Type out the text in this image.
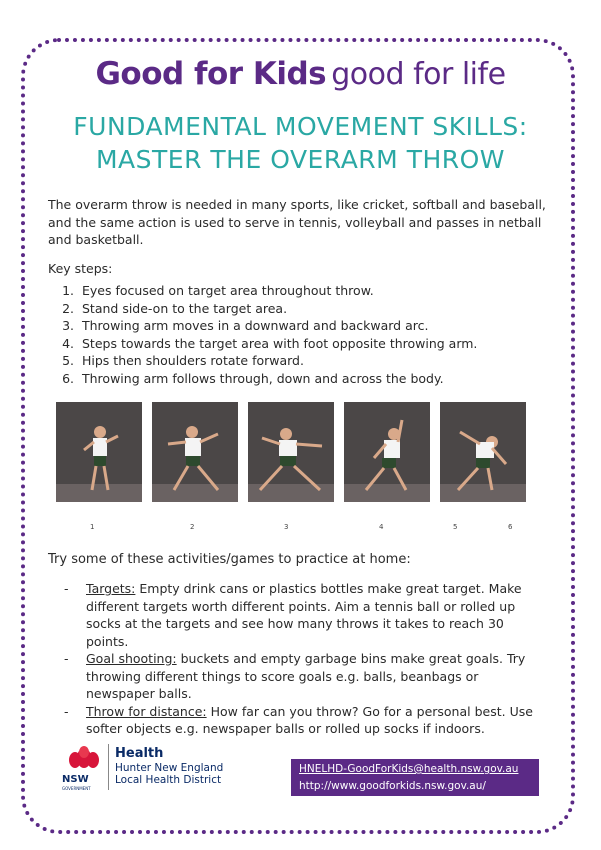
Good for Kids good for life
FUNDAMENTAL MOVEMENT SKILLS:
MASTER THE OVERARM THROW
The overarm throw is needed in many sports, like cricket, softball and baseball, and the same action is used to serve in tennis, volleyball and passes in netball and basketball.
Key steps:
1. Eyes focused on target area throughout throw.
2. Stand side-on to the target area.
3. Throwing arm moves in a downward and backward arc.
4. Steps towards the target area with foot opposite throwing arm.
5. Hips then shoulders rotate forward.
6. Throwing arm follows through, down and across the body.
1	2	3	4	5	6
Try some of these activities/games to practice at home:
- Targets: Empty drink cans or plastics bottles make great target. Make different targets worth different points. Aim a tennis ball or rolled up socks at the targets and see how many throws it takes to reach 30 points.
- Goal shooting: buckets and empty garbage bins make great goals. Try throwing different things to score goals e.g. balls, beanbags or newspaper balls.
- Throw for distance: How far can you throw? Go for a personal best. Use softer objects e.g. newspaper balls or rolled up socks if indoors.
NSW
GOVERNMENT
Health
Hunter New England
Local Health District
HNELHD-GoodForKids@health.nsw.gov.au
http://www.goodforkids.nsw.gov.au/
